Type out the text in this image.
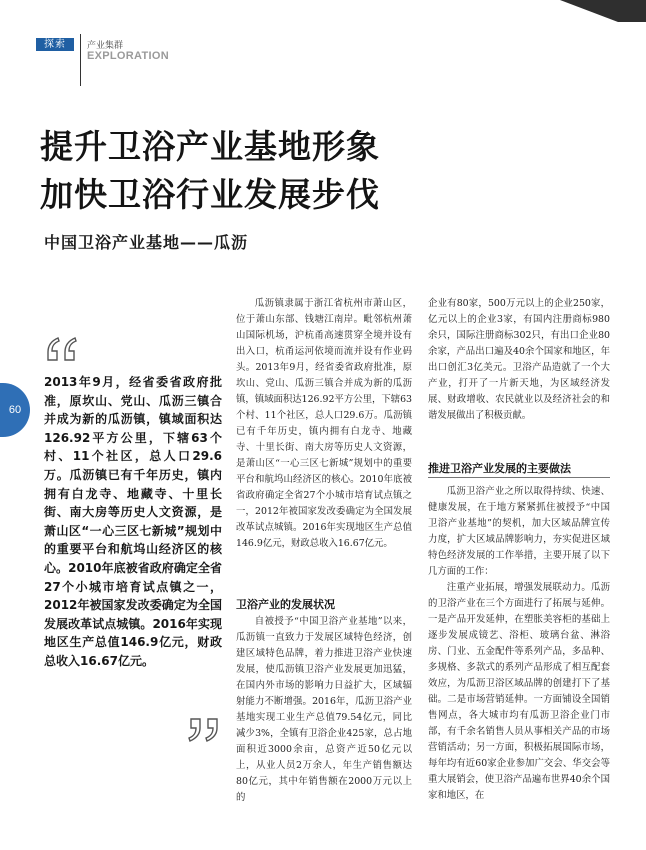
探索	产业集群
EXPLORATION
60
提升卫浴产业基地形象
加快卫浴行业发展步伐
中国卫浴产业基地——瓜沥
2013年9月，经省委省政府批准，原坎山、党山、瓜沥三镇合并成为新的瓜沥镇，镇域面积达126.92平方公里，下辖63个村、11个社区，总人口29.6万。瓜沥镇已有千年历史，镇内拥有白龙寺、地藏寺、十里长街、南大房等历史人文资源，是萧山区“一心三区七新城”规划中的重要平台和航坞山经济区的核心。2010年底被省政府确定全省27个小城市培育试点镇之一，2012年被国家发改委确定为全国发展改革试点城镇。2016年实现地区生产总值146.9亿元，财政总收入16.67亿元。

瓜沥镇隶属于浙江省杭州市萧山区，位于萧山东部、钱塘江南岸。毗邻杭州萧山国际机场，沪杭甬高速贯穿全境并设有出入口，杭甬运河依境而流并设有作业码头。2013年9月，经省委省政府批准，原坎山、党山、瓜沥三镇合并成为新的瓜沥镇，镇域面积达126.92平方公里，下辖63个村、11个社区，总人口29.6万。瓜沥镇已有千年历史，镇内拥有白龙寺、地藏寺、十里长街、南大房等历史人文资源，是萧山区“一心三区七新城”规划中的重要平台和航坞山经济区的核心。2010年底被省政府确定全省27个小城市培育试点镇之一，2012年被国家发改委确定为全国发展改革试点城镇。2016年实现地区生产总值146.9亿元，财政总收入16.67亿元。

卫浴产业的发展状况

自被授予“中国卫浴产业基地”以来，瓜沥镇一直致力于发展区域特色经济，创建区域特色品牌，着力推进卫浴产业快速发展，使瓜沥镇卫浴产业发展更加迅猛，在国内外市场的影响力日益扩大，区域辐射能力不断增强。2016年，瓜沥卫浴产业基地实现工业生产总值79.54亿元，同比减少3%，全镇有卫浴企业425家，总占地面积近3000余亩，总资产近50亿元以上，从业人员2万余人，年生产销售额达80亿元，其中年销售额在2000万元以上的

企业有80家，500万元以上的企业250家，亿元以上的企业3家，有国内注册商标980余只，国际注册商标302只，有出口企业80余家，产品出口遍及40余个国家和地区，年出口创汇3亿美元。卫浴产品造就了一个大产业，打开了一片新天地，为区域经济发展、财政增收、农民就业以及经济社会的和谐发展做出了积极贡献。

推进卫浴产业发展的主要做法

瓜沥卫浴产业之所以取得持续、快速、健康发展，在于地方紧紧抓住被授予“中国卫浴产业基地”的契机，加大区域品牌宣传力度，扩大区域品牌影响力，夯实促进区域特色经济发展的工作举措，主要开展了以下几方面的工作：

注重产业拓展，增强发展联动力。瓜沥的卫浴产业在三个方面进行了拓展与延伸。一是产品开发延伸，在塑胀美容柜的基础上逐步发展成镜艺、浴柜、玻璃台盆、淋浴房、门业、五金配件等系列产品，多品种、多规格、多款式的系列产品形成了相互配套效应，为瓜沥卫浴区域品牌的创建打下了基础。二是市场营销延伸。一方面铺设全国销售网点，各大城市均有瓜沥卫浴企业门市部，有千余名销售人员从事相关产品的市场营销活动；另一方面，积极拓展国际市场，每年均有近60家企业参加广交会、华交会等重大展销会，使卫浴产品遍布世界40余个国家和地区，在
